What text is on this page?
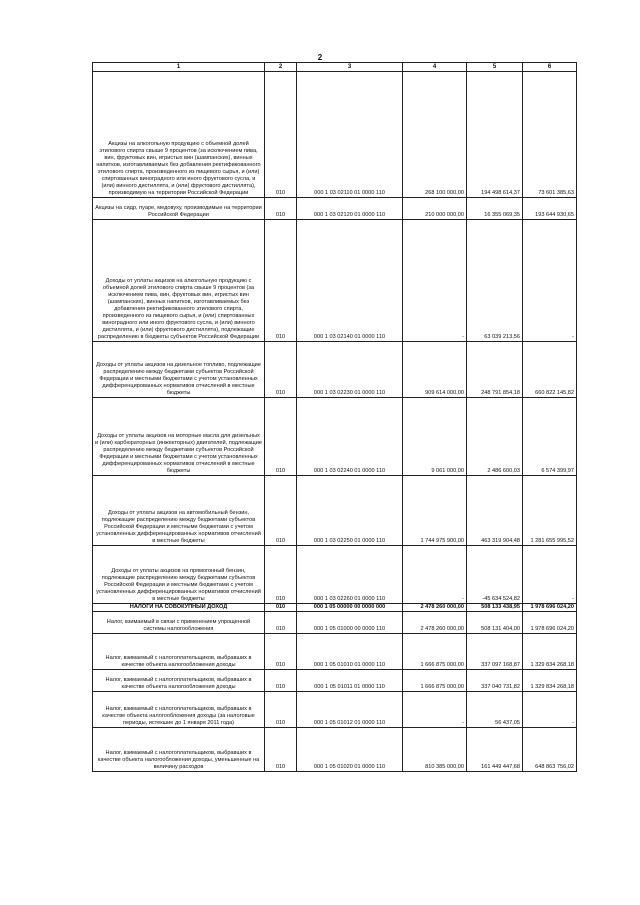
2
1	2	3	4	5	6
Акцизы на алкогольную продукцию с объемной долей этилового спирта свыше 9 процентов (за исключением пива, вин, фруктовых вин, игристых вин (шампанских), винных напитков, изготавливаемых без добавления ректификованного этилового спирта, произведенного из пищевого сырья, и (или) спиртованных виноградного или иного фруктового сусла, и (или) винного дистиллята, и (или) фруктового дистиллята), производимую на территории Российской Федерации	010	000 1 03 02110 01 0000 110	268 100 000,00	194 498 614,37	73 601 385,63
Акцизы на сидр, пуаре, медовуху, производимые на территории Российской Федерации	010	000 1 03 02120 01 0000 110	210 000 000,00	16 355 069,35	193 644 930,65
Доходы от уплаты акцизов на алкогольную продукцию с объемной долей этилового спирта свыше 9 процентов (за исключением пива, вин, фруктовых вин, игристых вин (шампанских), винных напитков, изготавливаемых без добавления ректификованного этилового спирта, произведенного из пищевого сырья, и (или) спиртованных виноградного или иного фруктового сусла, и (или) винного дистиллята, и (или) фруктового дистиллята), подлежащие распределению в бюджеты субъектов Российской Федерации	010	000 1 03 02140 01 0000 110	-	63 039 213,56	-
Доходы от уплаты акцизов на дизельное топливо, подлежащие распределению между бюджетами субъектов Российской Федерации и местными бюджетами с учетом установленных дифференцированных нормативов отчислений в местные бюджеты	010	000 1 03 02230 01 0000 110	909 614 000,00	248 791 854,18	660 822 145,82
Доходы от уплаты акцизов на моторные масла для дизельных и (или) карбюраторных (инжекторных) двигателей, подлежащие распределению между бюджетами субъектов Российской Федерации и местными бюджетами с учетом установленных дифференцированных нормативов отчислений в местные бюджеты	010	000 1 03 02240 01 0000 110	9 061 000,00	2 486 600,03	6 574 399,97
Доходы от уплаты акцизов на автомобильный бензин, подлежащие распределению между бюджетами субъектов Российской Федерации и местными бюджетами с учетом установленных дифференцированных нормативов отчислений в местные бюджеты	010	000 1 03 02250 01 0000 110	1 744 975 900,00	463 319 904,48	1 281 655 995,52
Доходы от уплаты акцизов на прямогонный бензин, подлежащие распределению между бюджетами субъектов Российской Федерации и местными бюджетами с учетом установленных дифференцированных нормативов отчислений в местные бюджеты	010	000 1 03 02260 01 0000 110	-	-45 634 524,82	-
НАЛОГИ НА СОВОКУПНЫЙ ДОХОД	010	000 1 05 00000 00 0000 000	2 478 260 000,00	508 133 438,95	1 978 696 024,20
Налог, взимаемый в связи с применением упрощенной системы налогообложения	010	000 1 05 01000 00 0000 110	2 478 260 000,00	508 131 404,00	1 978 696 024,20
Налог, взимаемый с налогоплательщиков, выбравших в качестве объекта налогообложения доходы	010	000 1 05 01010 01 0000 110	1 666 875 000,00	337 097 168,87	1 329 834 268,18
Налог, взимаемый с налогоплательщиков, выбравших в качестве объекта налогообложения доходы	010	000 1 05 01011 01 0000 110	1 666 875 000,00	337 040 731,82	1 329 834 268,18
Налог, взимаемый с налогоплательщиков, выбравших в качестве объекта налогообложения доходы (за налоговые периоды, истекшие до 1 января 2011 года)	010	000 1 05 01012 01 0000 110	-	56 437,05	-
Налог, взимаемый с налогоплательщиков, выбравших в качестве объекта налогообложения доходы, уменьшенные на величину расходов	010	000 1 05 01020 01 0000 110	810 385 000,00	161 449 447,68	648 863 756,02
